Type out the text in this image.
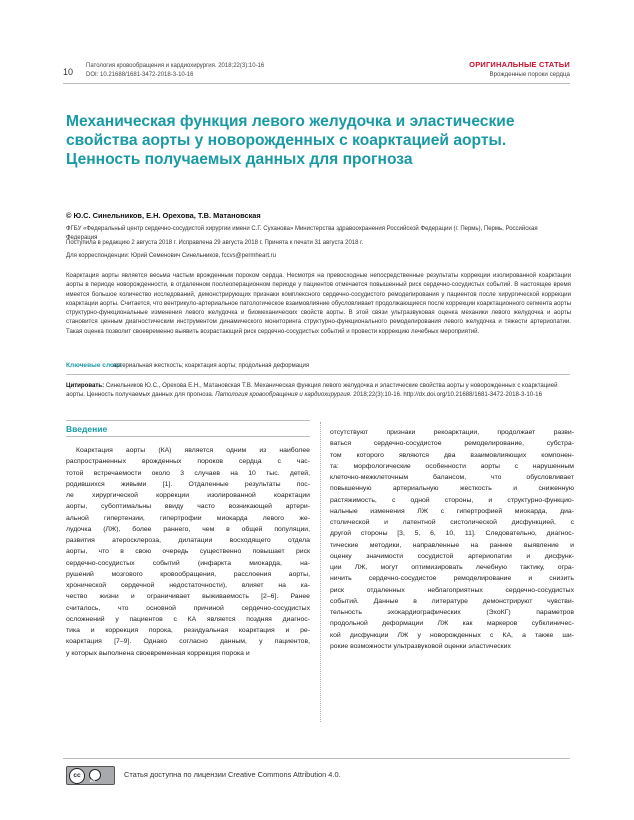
10
Патология кровообращения и кардиохирургия. 2018;22(3):10-16
DOI: 10.21688/1681-3472-2018-3-10-16
ОРИГИНАЛЬНЫЕ СТАТЬИ
Врожденные пороки сердца
Механическая функция левого желудочка и эластические свойства аорты у новорожденных с коарктацией аорты. Ценность получаемых данных для прогноза
© Ю.С. Синельников, Е.Н. Орехова, Т.В. Матановская
ФГБУ «Федеральный центр сердечно-сосудистой хирургии имени С.Г. Суханова» Министерства здравоохранения Российской Федерации (г. Пермь), Пермь, Российская Федерация
Поступила в редакцию 2 августа 2018 г. Исправлена 29 августа 2018 г. Принята к печати 31 августа 2018 г.
Для корреспонденции: Юрий Семенович Синельников, fccvs@permheart.ru

Коарктация аорты является весьма частым врожденным пороком сердца. Несмотря на превосходные непосредственные результаты коррекции изолированной коарктации аорты в периоде новорожденности, в отдаленном послеоперационном периоде у пациентов отмечается повышенный риск сердечно-сосудистых событий. В настоящее время имеется большое количество исследований, демонстрирующих признаки комплексного сердечно-сосудистого ремоделирования у пациентов после хирургической коррекции коарктации аорты. Считается, что вентрикуло-артериальное патологическое взаимовлияние обусловливает продолжающиеся после коррекции коарктационного сегмента аорты структурно-функциональные изменения левого желудочка и биомеханических свойств аорты. В этой связи ультразвуковая оценка механики левого желудочка и аорты становится ценным диагностическим инструментом динамического мониторинга структурно-функционального ремоделирования левого желудочка и тяжести артериопатии. Такая оценка позволит своевременно выявить возрастающий риск сердечно-сосудистых событий и провести коррекцию лечебных мероприятий.

Ключевые слова
артериальная жесткость; коарктация аорты; продольная деформация

Цитировать: Синельников Ю.С., Орехова Е.Н., Матановская Т.В. Механическая функция левого желудочка и эластические свойства аорты у новорожденных с коарктацией аорты. Ценность получаемых данных для прогноза. Патология кровообращения и кардиохирургия. 2018;22(3):10-16. http://dx.doi.org/10.21688/1681-3472-2018-3-10-16

Введение
Коарктация аорты (КА) является одним из наиболее
распространенных врожденных пороков сердца с час-
тотой встречаемости около 3 случаев на 10 тыс. детей,
родившихся живыми [1]. Отдаленные результаты пос-
ле хирургической коррекции изолированной коарктации
аорты, субоптимальны ввиду часто возникающей артери-
альной гипертензии, гипертрофии миокарда левого же-
лудочка (ЛЖ), более раннего, чем в общей популяции,
развития атеросклероза, дилатации восходящего отдела
аорты, что в свою очередь существенно повышает риск
сердечно-сосудистых событий (инфаркта миокарда, на-
рушений мозгового кровообращения, расслоения аорты,
хронической сердечной недостаточности), влияет на ка-
чество жизни и ограничивает выживаемость [2–6]. Ранее
считалось, что основной причиной сердечно-сосудистых
осложнений у пациентов с КА является поздняя диагнос-
тика и коррекция порока, резидуальная коарктация и ре-
коарктация [7–9]. Однако согласно данным, у пациентов,
у которых выполнена своевременная коррекция порока и
отсутствуют признаки рекоарктации, продолжает разви-
ваться сердечно-сосудистое ремоделирование, субстра-
том которого являются два взаимовлияющих компонен-
та: морфологические особенности аорты с нарушенным
клеточно-межклеточным балансом, что обусловливает
повышенную артериальную жесткость и сниженную
растяжимость, с одной стороны, и структурно-функцио-
нальные изменения ЛЖ с гипертрофией миокарда, диа-
столической и латентной систолической дисфункцией, с
другой стороны [3, 5, 6, 10, 11]. Следовательно, диагнос-
тические методики, направленные на раннее выявление и
оценку значимости сосудистой артериопатии и дисфунк-
ции ЛЖ, могут оптимизировать лечебную тактику, огра-
ничить сердечно-сосудистое ремоделирование и снизить
риск отдаленных неблагоприятных сердечно-сосудистых
событий. Данные в литературе демонстрируют чувстви-
тельность эхокардиографических (ЭхоКГ) параметров
продольной деформации ЛЖ как маркеров субклиничес-
кой дисфункции ЛЖ у новорожденных с КА, а также ши-
рокие возможности ультразвуковой оценки эластических
cc
BY
Статья доступна по лицензии Creative Commons Attribution 4.0.
